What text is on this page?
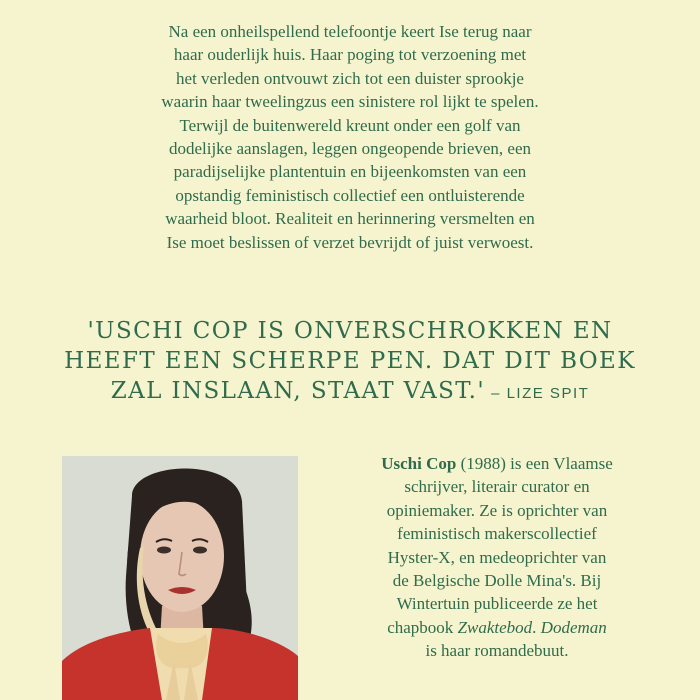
Na een onheilspellend telefoontje keert Ise terug naar
haar ouderlijk huis. Haar poging tot verzoening met
het verleden ontvouwt zich tot een duister sprookje
waarin haar tweelingzus een sinistere rol lijkt te spelen.
Terwijl de buitenwereld kreunt onder een golf van
dodelijke aanslagen, leggen ongeopende brieven, een
paradijselijke plantentuin en bijeenkomsten van een
opstandig feministisch collectief een ontluisterende
waarheid bloot. Realiteit en herinnering versmelten en
Ise moet beslissen of verzet bevrijdt of juist verwoest.
'USCHI COP IS ONVERSCHROKKEN EN
HEEFT EEN SCHERPE PEN. DAT DIT BOEK
ZAL INSLAAN, STAAT VAST.' – LIZE SPIT
Uschi Cop (1988) is een Vlaamse
schrijver, literair curator en
opiniemaker. Ze is oprichter van
feministisch makerscollectief
Hyster-X, en medeoprichter van
de Belgische Dolle Mina's. Bij
Wintertuin publiceerde ze het
chapbook Zwaktebod. Dodeman
is haar romandebuut.
